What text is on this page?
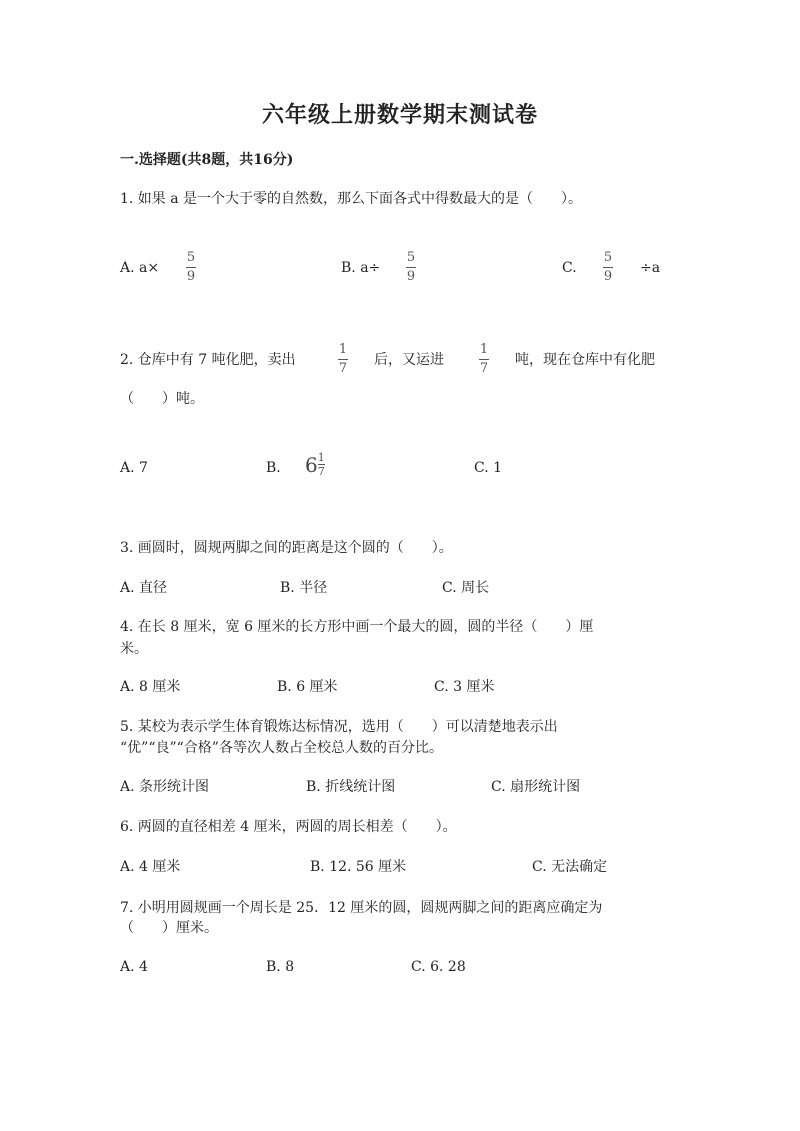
六年级上册数学期末测试卷
一.选择题(共8题，共16分)
1. 如果 a 是一个大于零的自然数，那么下面各式中得数最大的是（　　）。
A. a×
5
9
B. a÷
5
9
C.
5
9
÷a
2. 仓库中有 7 吨化肥，卖出
1
7
后，又运进
1
7
吨，现在仓库中有化肥
（　　）吨。
A. 7	B. $6 \frac{1}{7}$	C. 1
3. 画圆时，圆规两脚之间的距离是这个圆的（　　）。
A. 直径	B. 半径	C. 周长
4. 在长 8 厘米，宽 6 厘米的长方形中画一个最大的圆，圆的半径（　　）厘
米。
A. 8 厘米	B. 6 厘米	C. 3 厘米
5. 某校为表示学生体育锻炼达标情况，选用（　　）可以清楚地表示出
“优”“良”“合格”各等次人数占全校总人数的百分比。
A. 条形统计图	B. 折线统计图	C. 扇形统计图
6. 两圆的直径相差 4 厘米，两圆的周长相差（　　）。
A. 4 厘米	B. 12. 56 厘米	C. 无法确定
7. 小明用圆规画一个周长是 25．12 厘米的圆，圆规两脚之间的距离应确定为
（　　）厘米。
A. 4	B. 8	C. 6. 28
